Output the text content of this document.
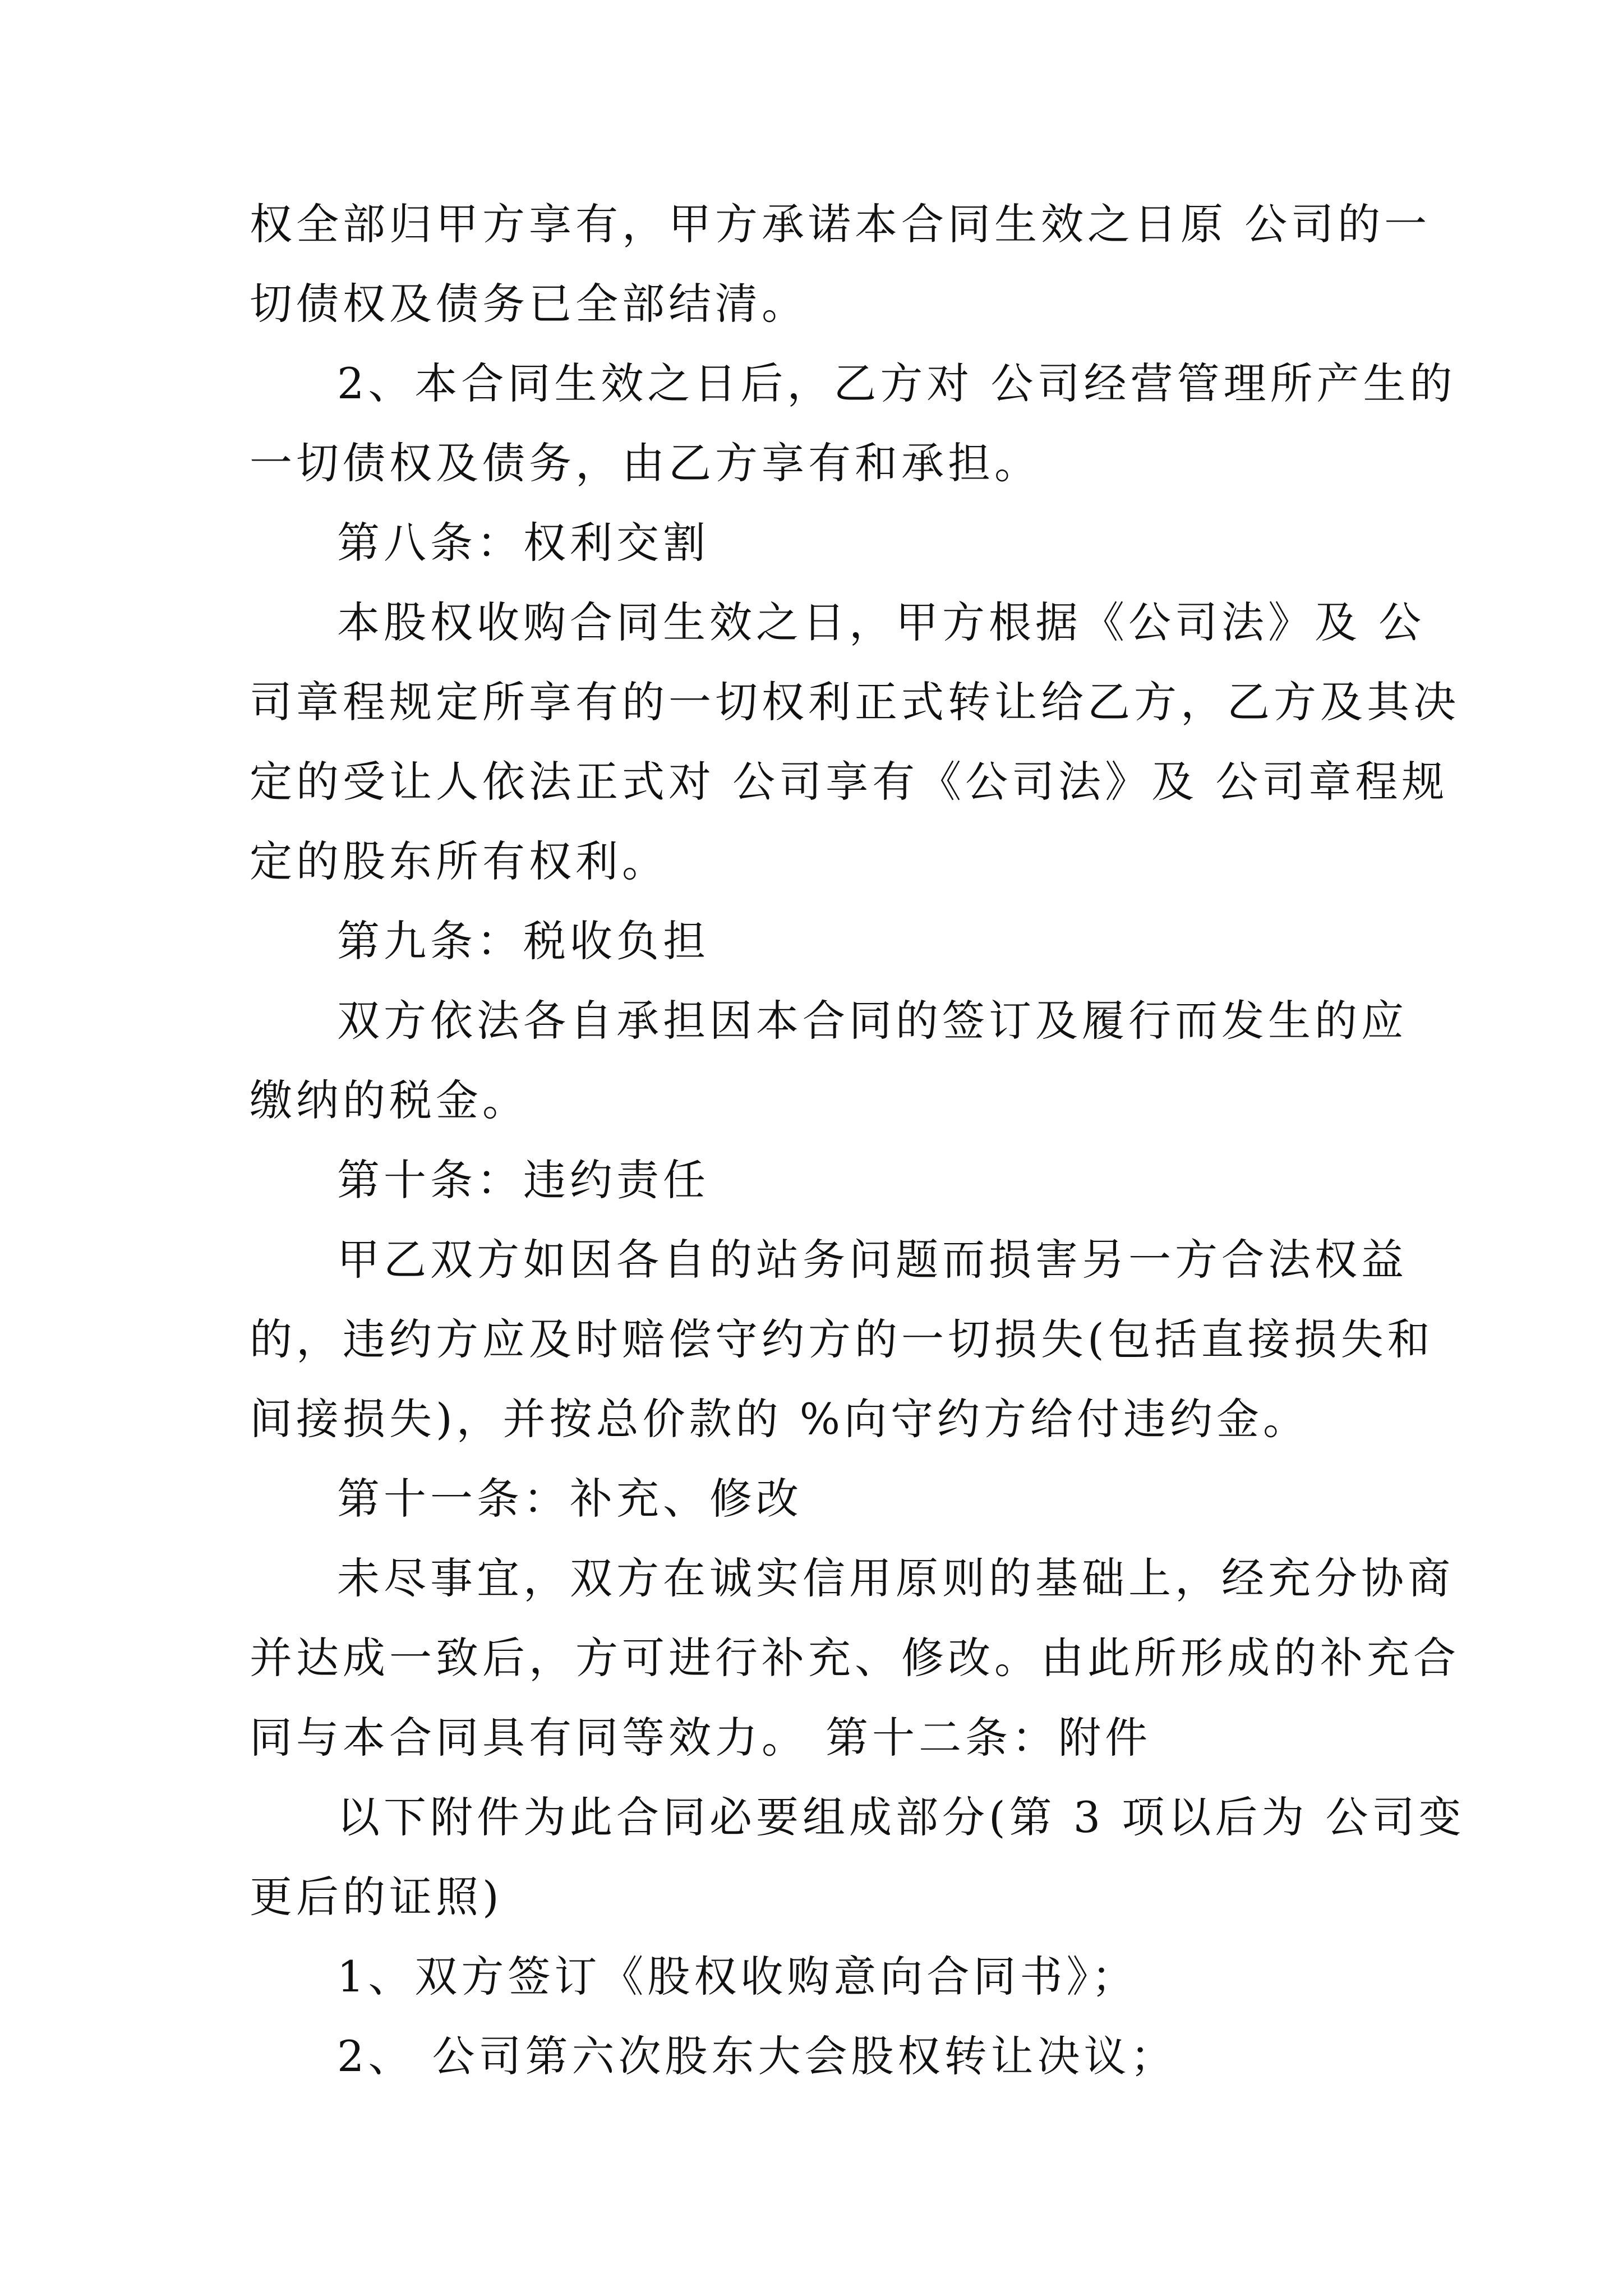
权全部归甲方享有，甲方承诺本合同生效之日原 公司的一
切债权及债务已全部结清。
2、本合同生效之日后，乙方对 公司经营管理所产生的
一切债权及债务，由乙方享有和承担。
第八条：权利交割
本股权收购合同生效之日，甲方根据《公司法》及 公
司章程规定所享有的一切权利正式转让给乙方，乙方及其决
定的受让人依法正式对 公司享有《公司法》及 公司章程规
定的股东所有权利。
第九条：税收负担
双方依法各自承担因本合同的签订及履行而发生的应
缴纳的税金。
第十条：违约责任
甲乙双方如因各自的站务问题而损害另一方合法权益
的，违约方应及时赔偿守约方的一切损失(包括直接损失和
间接损失)，并按总价款的 %向守约方给付违约金。
第十一条：补充、修改
未尽事宜，双方在诚实信用原则的基础上，经充分协商
并达成一致后，方可进行补充、修改。由此所形成的补充合
同与本合同具有同等效力。 第十二条：附件
以下附件为此合同必要组成部分(第 3 项以后为 公司变
更后的证照)
1、双方签订《股权收购意向合同书》；
2、 公司第六次股东大会股权转让决议；
